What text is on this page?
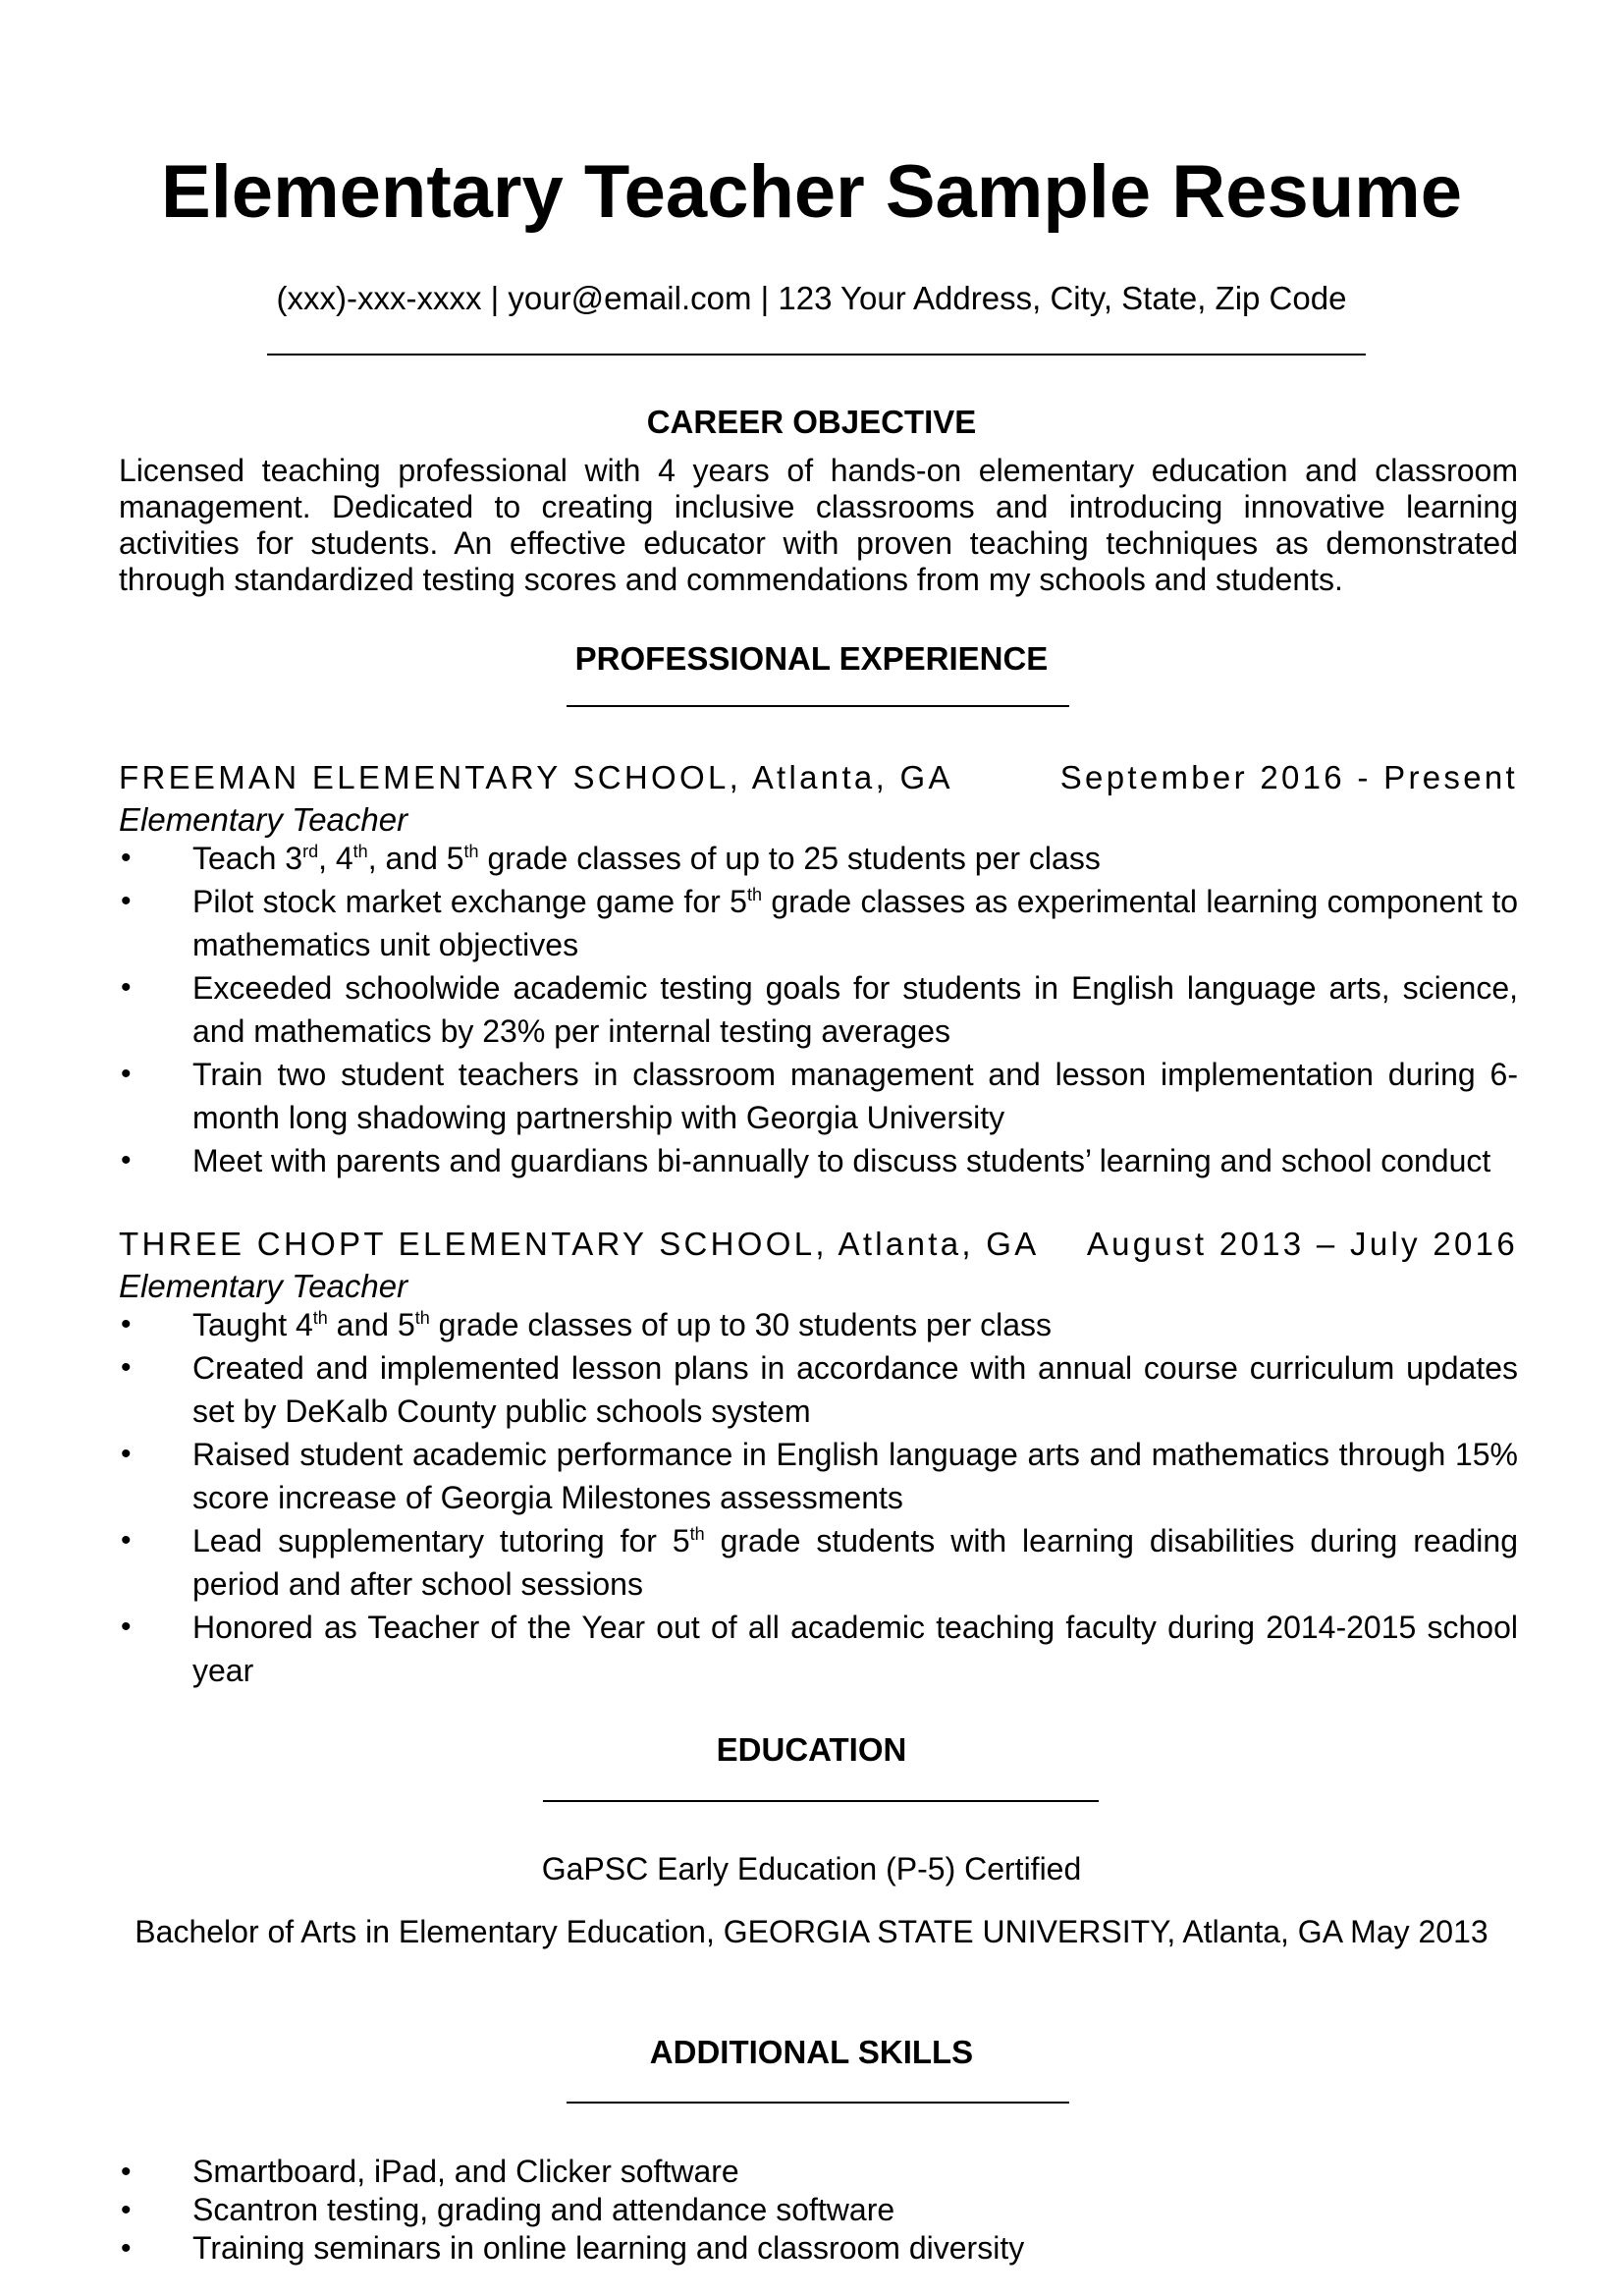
Elementary Teacher Sample Resume
(xxx)-xxx-xxxx | your@email.com | 123 Your Address, City, State, Zip Code
CAREER OBJECTIVE

Licensed teaching professional with 4 years of hands-on elementary education and classroom management. Dedicated to creating inclusive classrooms and introducing innovative learning activities for students. An effective educator with proven teaching techniques as demonstrated through standardized testing scores and commendations from my schools and students.

PROFESSIONAL EXPERIENCE
FREEMAN ELEMENTARY SCHOOL, Atlanta, GA	September 2016 - Present
Elementary Teacher
• Teach 3rd, 4th, and 5th grade classes of up to 25 students per class
• Pilot stock market exchange game for 5th grade classes as experimental learning component to mathematics unit objectives
• Exceeded schoolwide academic testing goals for students in English language arts, science, and mathematics by 23% per internal testing averages
• Train two student teachers in classroom management and lesson implementation during 6-month long shadowing partnership with Georgia University
• Meet with parents and guardians bi-annually to discuss students’ learning and school conduct
THREE CHOPT ELEMENTARY SCHOOL, Atlanta, GA August 2013 – July 2016
Elementary Teacher
• Taught 4th and 5th grade classes of up to 30 students per class
• Created and implemented lesson plans in accordance with annual course curriculum updates set by DeKalb County public schools system
• Raised student academic performance in English language arts and mathematics through 15% score increase of Georgia Milestones assessments
• Lead supplementary tutoring for 5th grade students with learning disabilities during reading period and after school sessions
• Honored as Teacher of the Year out of all academic teaching faculty during 2014-2015 school year
EDUCATION
GaPSC Early Education (P-5) Certified
Bachelor of Arts in Elementary Education, GEORGIA STATE UNIVERSITY, Atlanta, GA May 2013
ADDITIONAL SKILLS
• Smartboard, iPad, and Clicker software
• Scantron testing, grading and attendance software
• Training seminars in online learning and classroom diversity
